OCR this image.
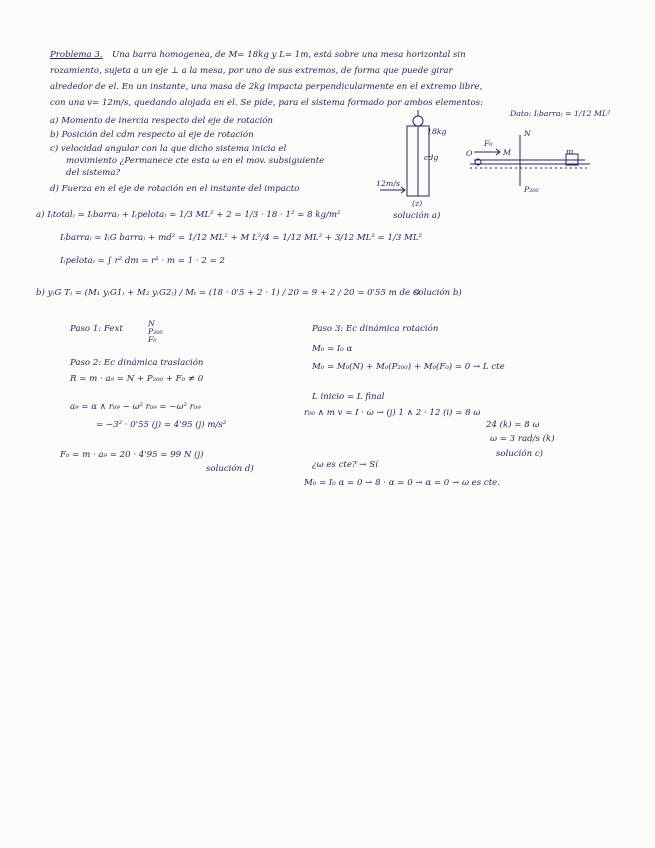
Problema 3. Una barra homogenea, de M= 18kg y L= 1m, está sobre una mesa horizontal sin
rozamiento, sujeta a un eje ⊥ a la mesa, por uno de sus extremos, de forma que puede girar
alrededor de el. En un instante, una masa de 2kg impacta perpendicularmente en el extremo libre,
con una v= 12m/s, quedando alojada en el. Se pide, para el sistema formado por ambos elementos:
Dato: I₍barra₎ = 1/12 ML²
a) Momento de inercia respecto del eje de rotación
b) Posición del cdm respecto al eje de rotación
c) velocidad angular con la que dicho sistema inicia el
movimiento ¿Permanece cte esta ω en el mov. subsiguiente
del sistema?
d) Fuerza en el eje de rotación en el instante del impacto
18kg
cdg
12m/s
(z)
F₀
N
M	m
P₂₀₀
O
a) I₍total₎ = I₍barra₎ + I₍pelota₎ = 1/3 ML² + 2 = 1/3 · 18 · 1² = 8 kg/m²	solución a)
I₍barra₎ = I₍G barra₎ + md² = 1/12 ML² + M L²/4 = 1/12 ML² + 3/12 ML² = 1/3 ML²
I₍pelota₎ = ∫ r² dm = r² · m = 1 · 2 = 2
b) y₍G T₎ = (M₁ y₍G1₎ + M₂ y₍G2₎) / Mₜ = (18 · 0'5 + 2 · 1) / 20 = 9 + 2 / 20 = 0'55 m de O
solución b)
Paso 1: Fext
N
P₂₀₀
F₀
Paso 2: Ec dinámica traslación
R = m · a₉ = N + P₂₀₀ + F₀ ≠ 0
a₉ = α ∧ r₀₉ − ω² r₀₉ = −ω² r₀₉
= −3² · 0'55 (j) = 4'95 (j) m/s²
F₀ = m · a₉ = 20 · 4'95 = 99 N (j)
solución d)
Paso 3: Ec dinámica rotación
M₀ = I₀ α
M₀ = M₀(N) + M₀(P₂₀₀) + M₀(F₀) = 0 → L cte
L inicio = L final
r₀₀ ∧ m v = I · ω → (j) 1 ∧ 2 · 12 (i) = 8 ω
24 (k) = 8 ω
ω = 3 rad/s (k)
solución c)
¿ω es cte? → Sí
M₀ = I₀ α = 0 → 8 · α = 0 → α = 0 → ω es cte.
